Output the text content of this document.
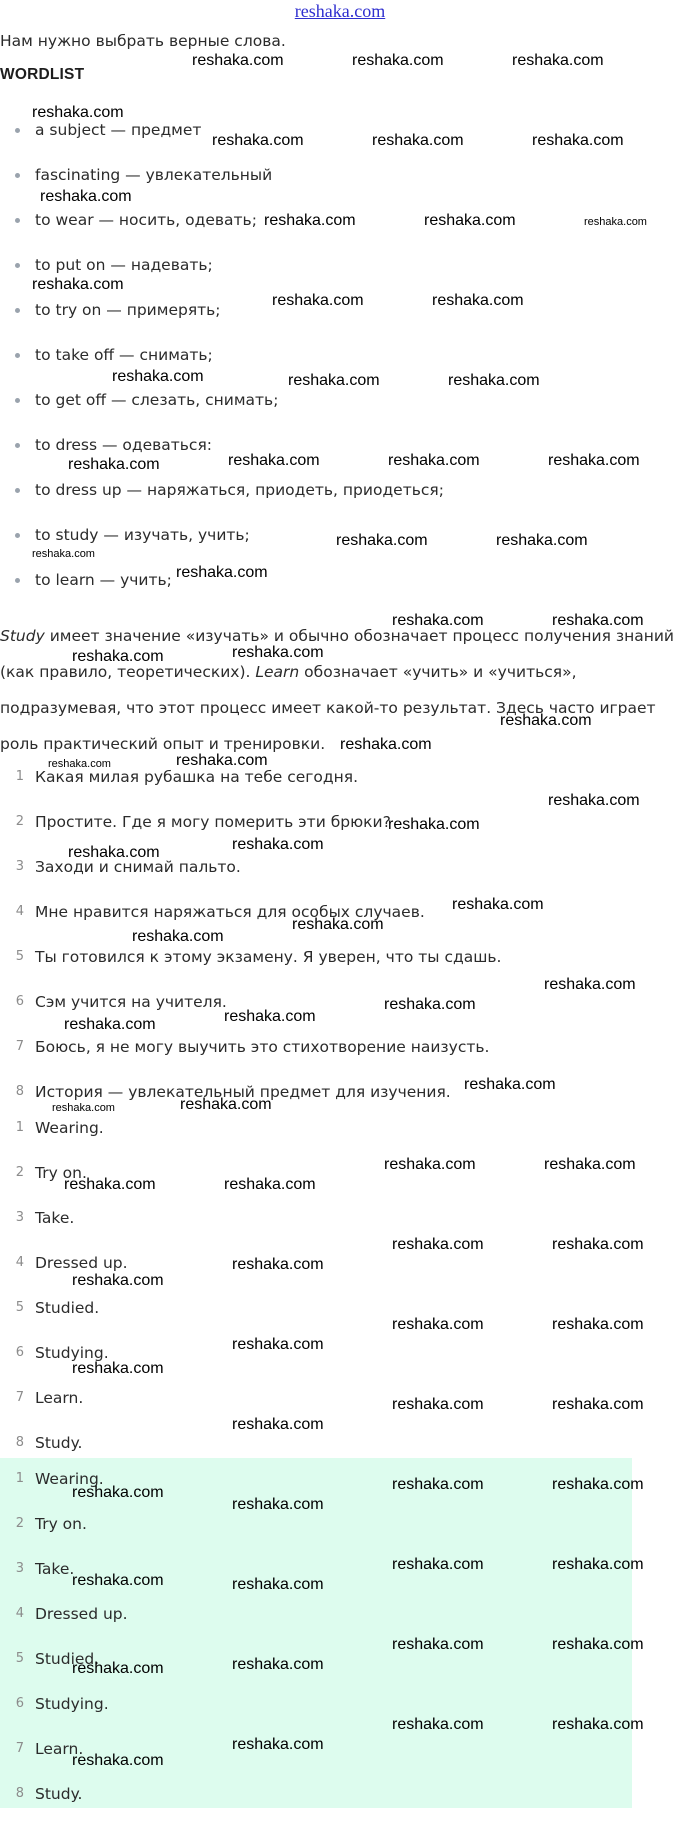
reshaka.com
Нам нужно выбрать верные слова.
WORDLIST
a subject — предмет
fascinating — увлекательный
to wear — носить, одевать;
to put on — надевать;
to try on — примерять;
to take off — снимать;
to get off — слезать, снимать;
to dress — одеваться:
to dress up — наряжаться, приодеть, приодеться;
to study — изучать, учить;
to learn — учить;
Study имеет значение «изучать» и обычно обозначает процесс получения знаний (как правило, теоретических). Learn обозначает «учить» и «учиться», подразумевая, что этот процесс имеет какой-то результат. Здесь часто играет роль практический опыт и тренировки.
1 Какая милая рубашка на тебе сегодня.
2 Простите. Где я могу померить эти брюки?
3 Заходи и снимай пальто.
4 Мне нравится наряжаться для особых случаев.
5 Ты готовился к этому экзамену. Я уверен, что ты сдашь.
6 Сэм учится на учителя.
7 Боюсь, я не могу выучить это стихотворение наизусть.
8 История — увлекательный предмет для изучения.
1 Wearing.
2 Try on.
3 Take.
4 Dressed up.
5 Studied.
6 Studying.
7 Learn.
8 Study.
1 Wearing.
2 Try on.
3 Take.
4 Dressed up.
5 Studied.
6 Studying.
7 Learn.
8 Study.
reshaka.com	reshaka.com	reshaka.com
reshaka.com
reshaka.com	reshaka.com	reshaka.com
reshaka.com
reshaka.com	reshaka.com	reshaka.com
reshaka.com
reshaka.com	reshaka.com
reshaka.com	reshaka.com	reshaka.com
reshaka.com	reshaka.com	reshaka.com	reshaka.com
reshaka.com	reshaka.com
reshaka.com
reshaka.com
reshaka.com	reshaka.com
reshaka.com	reshaka.com
reshaka.com
reshaka.com
reshaka.com	reshaka.com
reshaka.com
reshaka.com
reshaka.com
reshaka.com
reshaka.com
reshaka.com
reshaka.com
reshaka.com
reshaka.com
reshaka.com
reshaka.com
reshaka.com
reshaka.com	reshaka.com
reshaka.com	reshaka.com
reshaka.com	reshaka.com
reshaka.com	reshaka.com
reshaka.com
reshaka.com
reshaka.com	reshaka.com
reshaka.com
reshaka.com
reshaka.com	reshaka.com
reshaka.com
reshaka.com	reshaka.com
reshaka.com
reshaka.com
reshaka.com	reshaka.com
reshaka.com	reshaka.com
reshaka.com	reshaka.com
reshaka.com	reshaka.com
reshaka.com	reshaka.com
reshaka.com
reshaka.com
